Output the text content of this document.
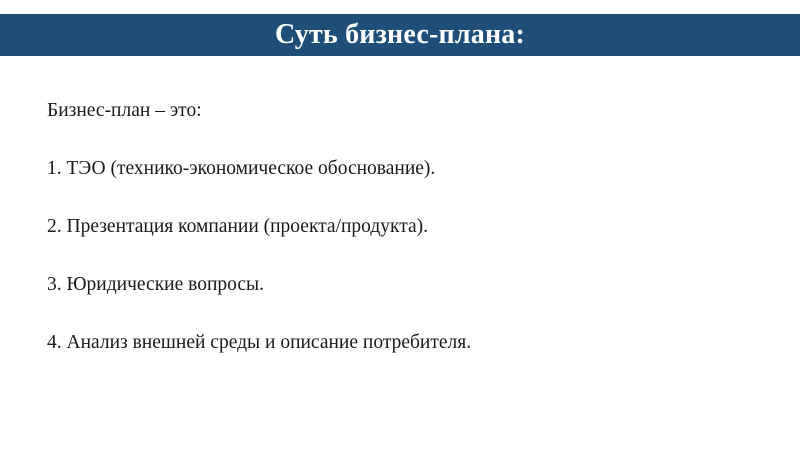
Суть бизнес-плана:

Бизнес-план – это:

1. ТЭО (технико-экономическое обоснование).

2. Презентация компании (проекта/продукта).

3. Юридические вопросы.

4. Анализ внешней среды и описание потребителя.
